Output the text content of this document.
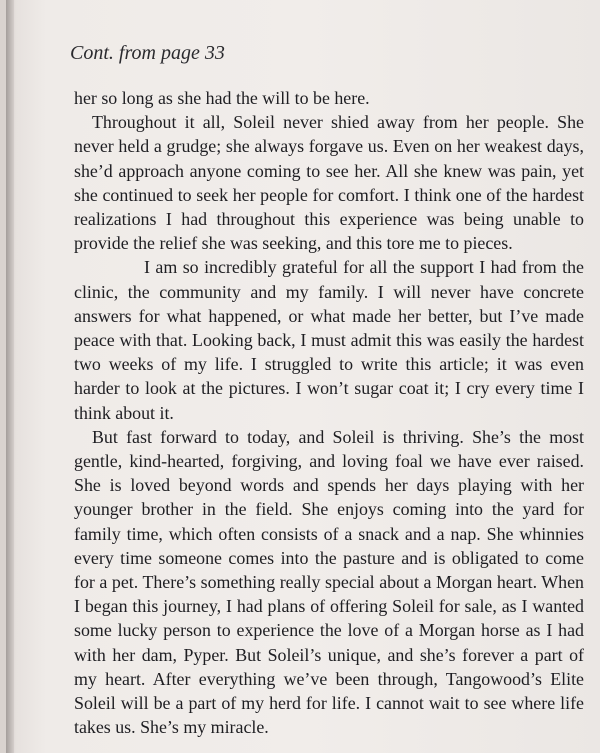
Cont. from page 33

her so long as she had the will to be here.

Throughout it all, Soleil never shied away from her people. She never held a grudge; she always forgave us. Even on her weakest days, she’d approach anyone coming to see her. All she knew was pain, yet she continued to seek her people for comfort. I think one of the hardest realizations I had throughout this experience was being unable to provide the relief she was seeking, and this tore me to pieces.

I am so incredibly grateful for all the support I had from the clinic, the community and my family. I will never have concrete answers for what happened, or what made her better, but I’ve made peace with that. Looking back, I must admit this was easily the hardest two weeks of my life. I struggled to write this article; it was even harder to look at the pictures. I won’t sugar coat it; I cry every time I think about it.

But fast forward to today, and Soleil is thriving. She’s the most gentle, kind-hearted, forgiving, and loving foal we have ever raised. She is loved beyond words and spends her days playing with her younger brother in the field. She enjoys coming into the yard for family time, which often consists of a snack and a nap. She whinnies every time someone comes into the pasture and is obligated to come for a pet. There’s something really special about a Morgan heart. When I began this journey, I had plans of offering Soleil for sale, as I wanted some lucky person to experience the love of a Morgan horse as I had with her dam, Pyper. But Soleil’s unique, and she’s forever a part of my heart. After everything we’ve been through, Tangowood’s Elite Soleil will be a part of my herd for life. I cannot wait to see where life takes us. She’s my miracle.
